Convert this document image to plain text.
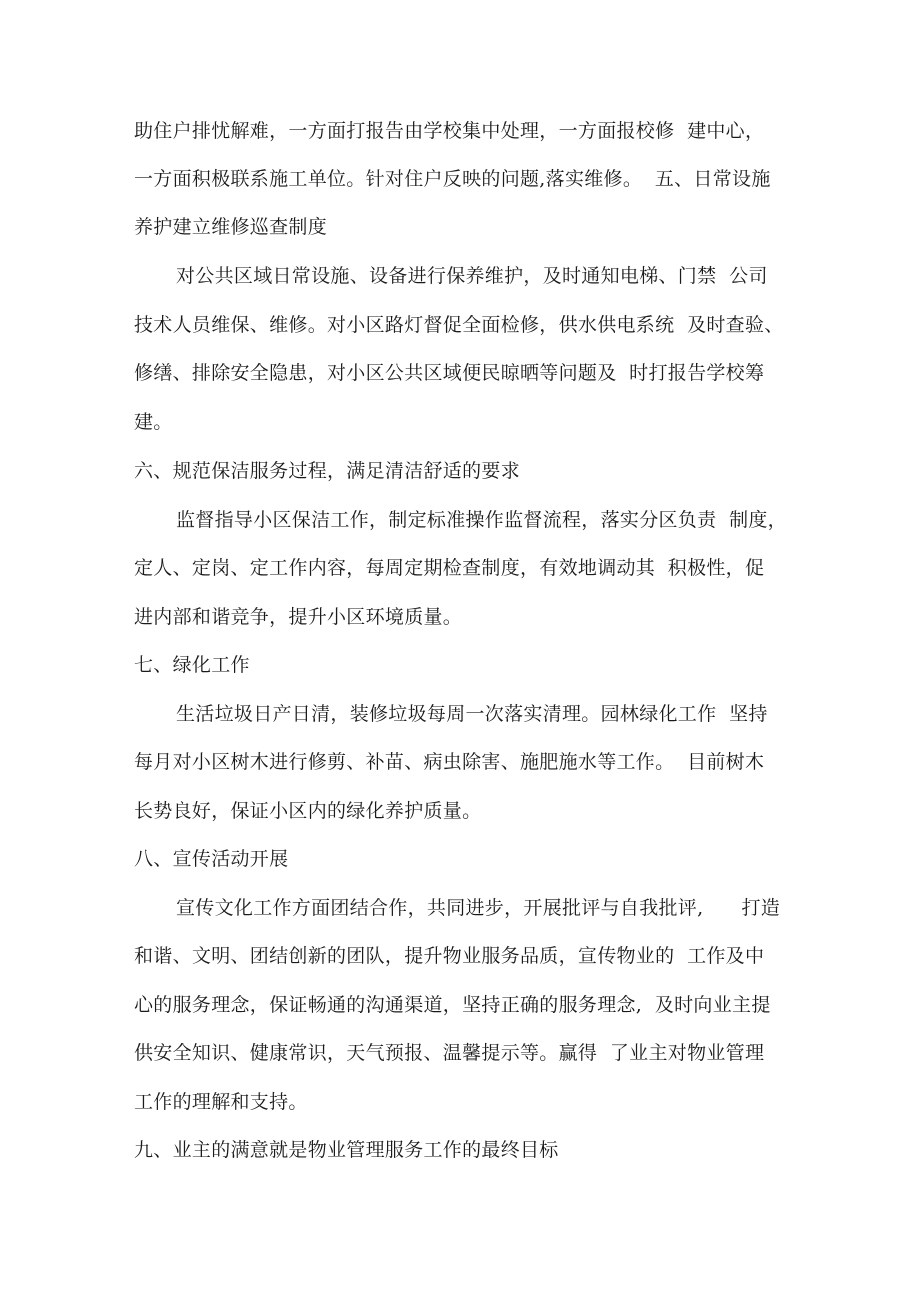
助住户排忧解难，一方面打报告由学校集中处理，一方面报校修  建中心，
一方面积极联系施工单位。针对住户反映的问题,落实维修。  五、日常设施
养护建立维修巡查制度
对公共区域日常设施、设备进行保养维护，及时通知电梯、门禁  公司
技术人员维保、维修。对小区路灯督促全面检修，供水供电系统  及时查验、
修缮、排除安全隐患，对小区公共区域便民晾晒等问题及  时打报告学校筹
建。
六、规范保洁服务过程，满足清洁舒适的要求
监督指导小区保洁工作，制定标准操作监督流程，落实分区负责  制度，
定人、定岗、定工作内容，每周定期检查制度，有效地调动其  积极性，促
进内部和谐竞争，提升小区环境质量。
七、绿化工作
生活垃圾日产日清，装修垃圾每周一次落实清理。园林绿化工作  坚持
每月对小区树木进行修剪、补苗、病虫除害、施肥施水等工作。  目前树木
长势良好，保证小区内的绿化养护质量。
八、宣传活动开展
宣传文化工作方面团结合作，共同进步，开展批评与自我批评,      打造
和谐、文明、团结创新的团队，提升物业服务品质，宣传物业的  工作及中
心的服务理念，保证畅通的沟通渠道，坚持正确的服务理念,  及时向业主提
供安全知识、健康常识，天气预报、温馨提示等。赢得  了业主对物业管理
工作的理解和支持。
九、业主的满意就是物业管理服务工作的最终目标
